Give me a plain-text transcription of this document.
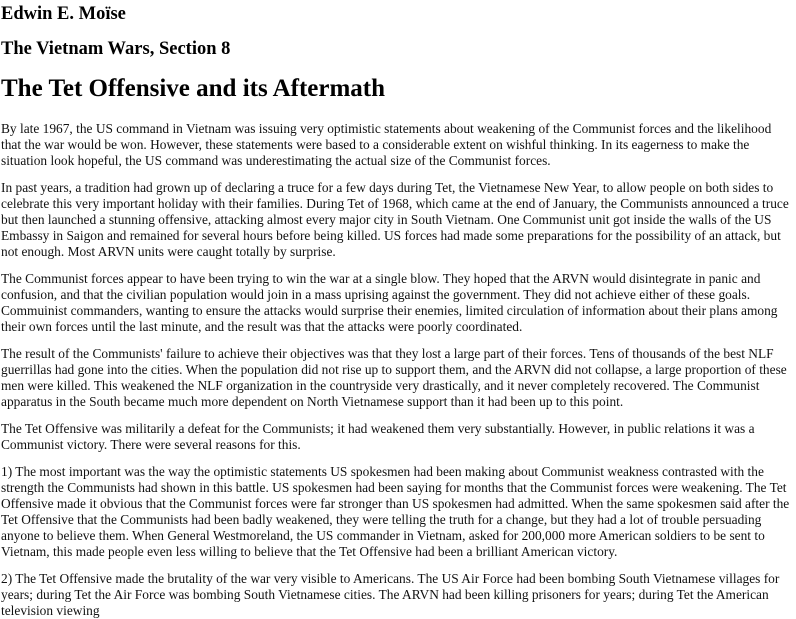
Edwin E. Moïse
The Vietnam Wars, Section 8
The Tet Offensive and its Aftermath

By late 1967, the US command in Vietnam was issuing very optimistic statements about weakening of the Communist forces and the likelihood that the war would be won. However, these statements were based to a considerable extent on wishful thinking. In its eagerness to make the situation look hopeful, the US command was underestimating the actual size of the Communist forces.

In past years, a tradition had grown up of declaring a truce for a few days during Tet, the Vietnamese New Year, to allow people on both sides to celebrate this very important holiday with their families. During Tet of 1968, which came at the end of January, the Communists announced a truce but then launched a stunning offensive, attacking almost every major city in South Vietnam. One Communist unit got inside the walls of the US Embassy in Saigon and remained for several hours before being killed. US forces had made some preparations for the possibility of an attack, but not enough. Most ARVN units were caught totally by surprise.

The Communist forces appear to have been trying to win the war at a single blow. They hoped that the ARVN would disintegrate in panic and confusion, and that the civilian population would join in a mass uprising against the government. They did not achieve either of these goals. Commuinist commanders, wanting to ensure the attacks would surprise their enemies, limited circulation of information about their plans among their own forces until the last minute, and the result was that the attacks were poorly coordinated.

The result of the Communists' failure to achieve their objectives was that they lost a large part of their forces. Tens of thousands of the best NLF guerrillas had gone into the cities. When the population did not rise up to support them, and the ARVN did not collapse, a large proportion of these men were killed. This weakened the NLF organization in the countryside very drastically, and it never completely recovered. The Communist apparatus in the South became much more dependent on North Vietnamese support than it had been up to this point.

The Tet Offensive was militarily a defeat for the Communists; it had weakened them very substantially. However, in public relations it was a Communist victory. There were several reasons for this.

1) The most important was the way the optimistic statements US spokesmen had been making about Communist weakness contrasted with the strength the Communists had shown in this battle. US spokesmen had been saying for months that the Communist forces were weakening. The Tet Offensive made it obvious that the Communist forces were far stronger than US spokesmen had admitted. When the same spokesmen said after the Tet Offensive that the Communists had been badly weakened, they were telling the truth for a change, but they had a lot of trouble persuading anyone to believe them. When General Westmoreland, the US commander in Vietnam, asked for 200,000 more American soldiers to be sent to Vietnam, this made people even less willing to believe that the Tet Offensive had been a brilliant American victory.

2) The Tet Offensive made the brutality of the war very visible to Americans. The US Air Force had been bombing South Vietnamese villages for years; during Tet the Air Force was bombing South Vietnamese cities. The ARVN had been killing prisoners for years; during Tet the American television viewing
